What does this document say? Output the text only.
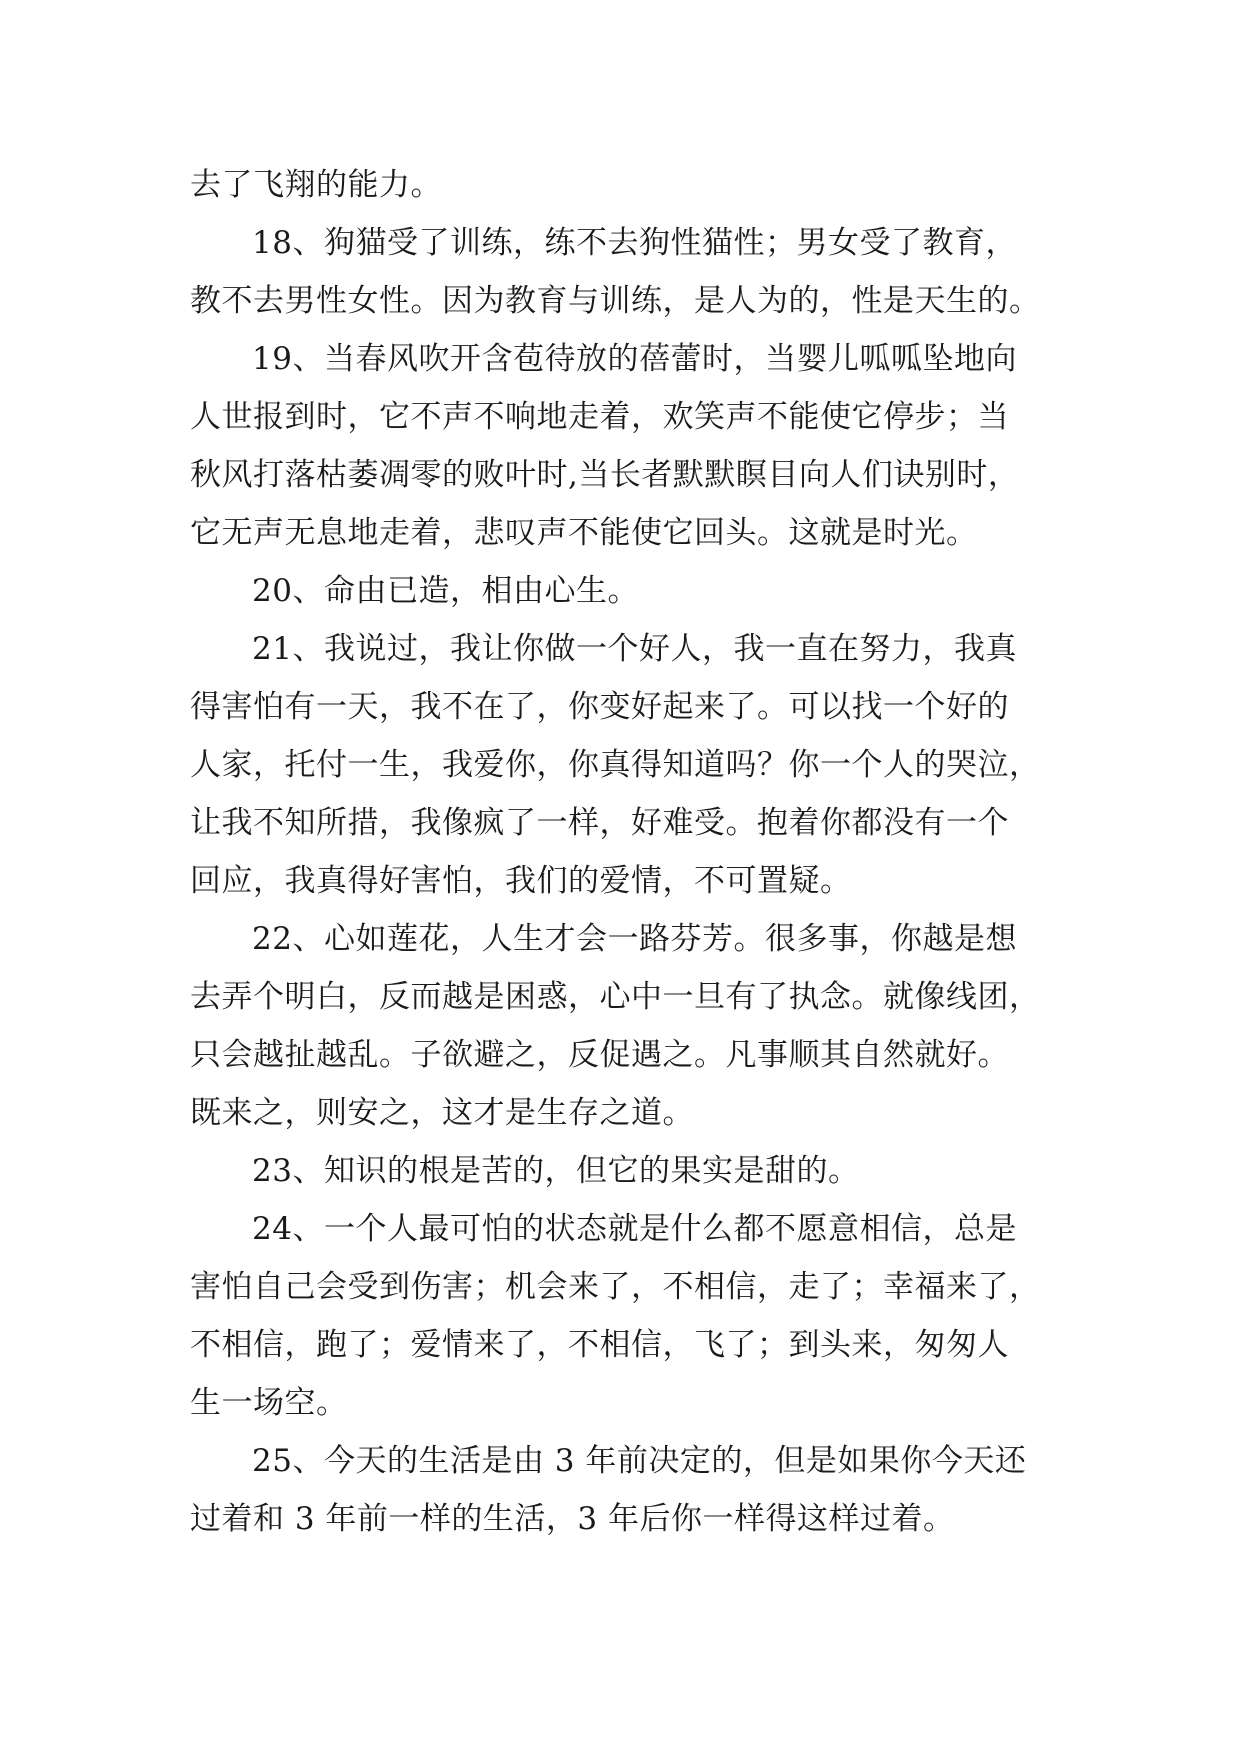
去了飞翔的能力。
18、狗猫受了训练，练不去狗性猫性；男女受了教育，
教不去男性女性。因为教育与训练，是人为的，性是天生的。
19、当春风吹开含苞待放的蓓蕾时，当婴儿呱呱坠地向
人世报到时，它不声不响地走着，欢笑声不能使它停步；当
秋风打落枯萎凋零的败叶时,当长者默默瞑目向人们诀别时，
它无声无息地走着，悲叹声不能使它回头。这就是时光。
20、命由已造，相由心生。
21、我说过，我让你做一个好人，我一直在努力，我真
得害怕有一天，我不在了，你变好起来了。可以找一个好的
人家，托付一生，我爱你，你真得知道吗？你一个人的哭泣，
让我不知所措，我像疯了一样，好难受。抱着你都没有一个
回应，我真得好害怕，我们的爱情，不可置疑。
22、心如莲花，人生才会一路芬芳。很多事，你越是想
去弄个明白，反而越是困惑，心中一旦有了执念。就像线团，
只会越扯越乱。子欲避之，反促遇之。凡事顺其自然就好。
既来之，则安之，这才是生存之道。
23、知识的根是苦的，但它的果实是甜的。
24、一个人最可怕的状态就是什么都不愿意相信，总是
害怕自己会受到伤害；机会来了，不相信，走了；幸福来了，
不相信，跑了；爱情来了，不相信，飞了；到头来，匆匆人
生一场空。
25、今天的生活是由 3 年前决定的，但是如果你今天还
过着和 3 年前一样的生活，3 年后你一样得这样过着。
